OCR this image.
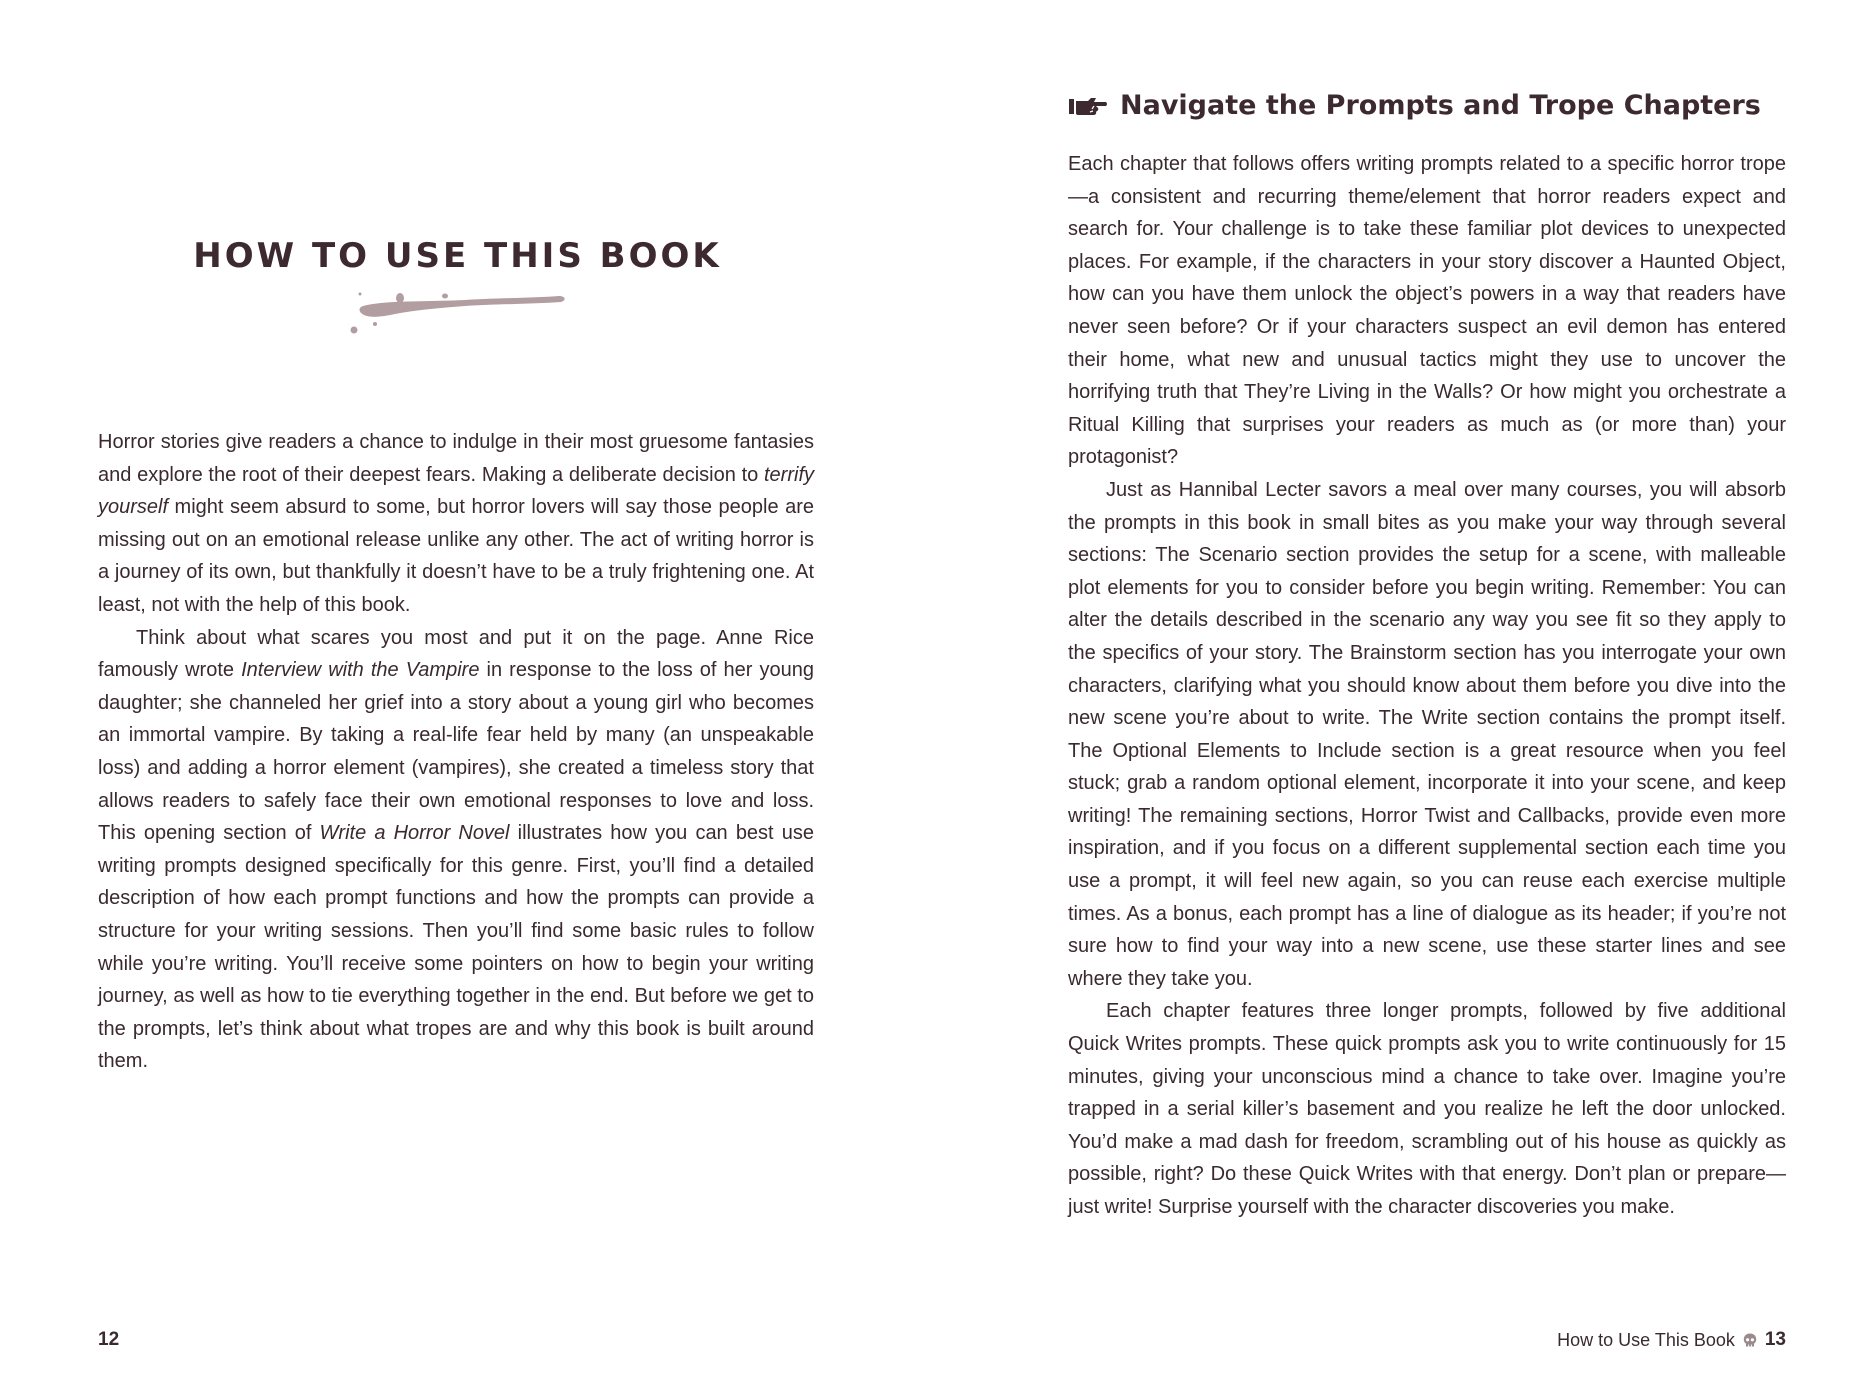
HOW TO USE THIS BOOK

Horror stories give readers a chance to indulge in their most gruesome fantasies and explore the root of their deepest fears. Making a deliberate decision to terrify yourself might seem absurd to some, but horror lovers will say those people are missing out on an emotional release unlike any other. The act of writing horror is a journey of its own, but thankfully it doesn’t have to be a truly frightening one. At least, not with the help of this book.

Think about what scares you most and put it on the page. Anne Rice famously wrote Interview with the Vampire in response to the loss of her young daughter; she channeled her grief into a story about a young girl who becomes an immortal vampire. By taking a real-life fear held by many (an unspeakable loss) and adding a horror element (vampires), she created a timeless story that allows readers to safely face their own emotional responses to love and loss. This opening section of Write a Horror Novel illustrates how you can best use writing prompts designed specifically for this genre. First, you’ll find a detailed description of how each prompt functions and how the prompts can provide a structure for your writing sessions. Then you’ll find some basic rules to follow while you’re writing. You’ll receive some pointers on how to begin your writing journey, as well as how to tie everything together in the end. But before we get to the prompts, let’s think about what tropes are and why this book is built around them.

12
Navigate the Prompts and Trope Chapters

Each chapter that follows offers writing prompts related to a specific horror trope—a consistent and recurring theme/element that horror readers expect and search for. Your challenge is to take these familiar plot devices to unexpected places. For example, if the characters in your story discover a Haunted Object, how can you have them unlock the object’s powers in a way that readers have never seen before? Or if your characters suspect an evil demon has entered their home, what new and unusual tactics might they use to uncover the horrifying truth that They’re Living in the Walls? Or how might you orchestrate a Ritual Killing that surprises your readers as much as (or more than) your protagonist?

Just as Hannibal Lecter savors a meal over many courses, you will absorb the prompts in this book in small bites as you make your way through several sections: The Scenario section provides the setup for a scene, with malleable plot elements for you to consider before you begin writing. Remember: You can alter the details described in the scenario any way you see fit so they apply to the specifics of your story. The Brainstorm section has you interrogate your own characters, clarifying what you should know about them before you dive into the new scene you’re about to write. The Write section contains the prompt itself. The Optional Elements to Include section is a great resource when you feel stuck; grab a random optional element, incorporate it into your scene, and keep writing! The remaining sections, Horror Twist and Callbacks, provide even more inspiration, and if you focus on a different supplemental section each time you use a prompt, it will feel new again, so you can reuse each exercise multiple times. As a bonus, each prompt has a line of dialogue as its header; if you’re not sure how to find your way into a new scene, use these starter lines and see where they take you.

Each chapter features three longer prompts, followed by five additional Quick Writes prompts. These quick prompts ask you to write continuously for 15 minutes, giving your unconscious mind a chance to take over. Imagine you’re trapped in a serial killer’s basement and you realize he left the door unlocked. You’d make a mad dash for freedom, scrambling out of his house as quickly as possible, right? Do these Quick Writes with that energy. Don’t plan or prepare—just write! Surprise yourself with the character discoveries you make.

How to Use This Book 13
